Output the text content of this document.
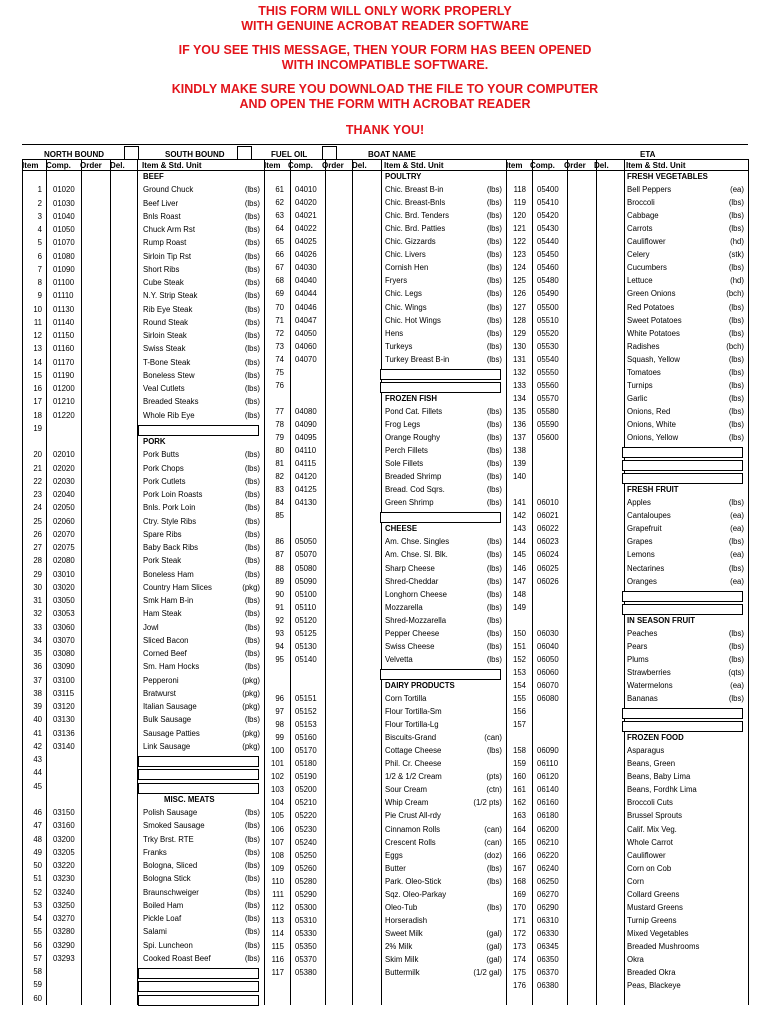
THIS FORM WILL ONLY WORK PROPERLY
WITH GENUINE ACROBAT READER SOFTWARE
IF YOU SEE THIS MESSAGE, THEN YOUR FORM HAS BEEN OPENED
WITH INCOMPATIBLE SOFTWARE.
KINDLY MAKE SURE YOU DOWNLOAD THE FILE TO YOUR COMPUTER
AND OPEN THE FORM WITH ACROBAT READER
THANK YOU!
NORTH BOUND	SOUTH BOUND	FUEL OIL	BOAT NAME	ETA
Item Comp. Order Del. Item & Std. Unit	Item Comp. Order Del. Item & Std. Unit	Item Comp. Order Del. Item & Std. Unit
BEEF
1 01020	Ground Chuck	(lbs)
2 01030	Beef Liver	(lbs)
3 01040	Bnls Roast	(lbs)
4 01050	Chuck Arm Rst	(lbs)
5 01070	Rump Roast	(lbs)
6 01080	Sirloin Tip Rst	(lbs)
7 01090	Short Ribs	(lbs)
8 01100	Cube Steak	(lbs)
9 01110	N.Y. Strip Steak	(lbs)
10 01130	Rib Eye Steak	(lbs)
11 01140	Round Steak	(lbs)
12 01150	Sirloin Steak	(lbs)
13 01160	Swiss Steak	(lbs)
14 01170	T-Bone Steak	(lbs)
15 01190	Boneless Stew	(lbs)
16 01200	Veal Cutlets	(lbs)
17 01210	Breaded Steaks	(lbs)
18 01220	Whole Rib Eye	(lbs)
19
PORK
20 02010	Pork Butts	(lbs)
21 02020	Pork Chops	(lbs)
22 02030	Pork Cutlets	(lbs)
23 02040	Pork Loin Roasts	(lbs)
24 02050	Bnls. Pork Loin	(lbs)
25 02060	Ctry. Style Ribs	(lbs)
26 02070	Spare Ribs	(lbs)
27 02075	Baby Back Ribs	(lbs)
28 02080	Pork Steak	(lbs)
29 03010	Boneless Ham	(lbs)
30 03020	Country Ham Slices	(pkg)
31 03050	Smk Ham B-in	(lbs)
32 03053	Ham Steak	(lbs)
33 03060	Jowl	(lbs)
34 03070	Sliced Bacon	(lbs)
35 03080	Corned Beef	(lbs)
36 03090	Sm. Ham Hocks	(lbs)
37 03100	Pepperoni	(pkg)
38 03115	Bratwurst	(pkg)
39 03120	Italian Sausage	(pkg)
40 03130	Bulk Sausage	(lbs)
41 03136	Sausage Patties	(pkg)
42 03140	Link Sausage	(pkg)
43
44
45
MISC. MEATS
46 03150	Polish Sausage	(lbs)
47 03160	Smoked Sausage	(lbs)
48 03200	Trky Brst. RTE	(lbs)
49 03205	Franks	(lbs)
50 03220	Bologna, Sliced	(lbs)
51 03230	Bologna Stick	(lbs)
52 03240	Braunschweiger	(lbs)
53 03250	Boiled Ham	(lbs)
54 03270	Pickle Loaf	(lbs)
55 03280	Salami	(lbs)
56 03290	Spi. Luncheon	(lbs)
57 03293	Cooked Roast Beef	(lbs)
58
59
60
POULTRY
61 04010	Chic. Breast B-in	(lbs)
62 04020	Chic. Breast-Bnls	(lbs)
63 04021	Chic. Brd. Tenders	(lbs)
64 04022	Chic. Brd. Patties	(lbs)
65 04025	Chic. Gizzards	(lbs)
66 04026	Chic. Livers	(lbs)
67 04030	Cornish Hen	(lbs)
68 04040	Fryers	(lbs)
69 04044	Chic. Legs	(lbs)
70 04046	Chic. Wings	(lbs)
71 04047	Chic. Hot Wings	(lbs)
72 04050	Hens	(lbs)
73 04060	Turkeys	(lbs)
74 04070	Turkey Breast B-in	(lbs)
75
76
FROZEN FISH
77 04080	Pond Cat. Fillets	(lbs)
78 04090	Frog Legs	(lbs)
79 04095	Orange Roughy	(lbs)
80 04110	Perch Fillets	(lbs)
81 04115	Sole Fillets	(lbs)
82 04120	Breaded Shrimp	(lbs)
83 04125	Bread. Cod Sqrs.	(lbs)
84 04130	Green Shrimp	(lbs)
85
CHEESE
86 05050	Am. Chse. Singles	(lbs)
87 05070	Am. Chse. Sl. Blk.	(lbs)
88 05080	Sharp Cheese	(lbs)
89 05090	Shred-Cheddar	(lbs)
90 05100	Longhorn Cheese	(lbs)
91 05110	Mozzarella	(lbs)
92 05120	Shred-Mozzarella	(lbs)
93 05125	Pepper Cheese	(lbs)
94 05130	Swiss Cheese	(lbs)
95 05140	Velvetta	(lbs)
DAIRY PRODUCTS
96 05151	Corn Tortilla
97 05152	Flour Tortilla-Sm
98 05153	Flour Tortilla-Lg
99 05160	Biscuits-Grand	(can)
100 05170	Cottage Cheese	(lbs)
101 05180	Phil. Cr. Cheese
102 05190	1/2 & 1/2 Cream	(pts)
103 05200	Sour Cream	(ctn)
104 05210	Whip Cream	(1/2 pts)
105 05220	Pie Crust All-rdy
106 05230	Cinnamon Rolls	(can)
107 05240	Crescent Rolls	(can)
108 05250	Eggs	(doz)
109 05260	Butter	(lbs)
110 05280	Park. Oleo-Stick	(lbs)
111 05290	Sqz. Oleo-Parkay
112 05300	Oleo-Tub	(lbs)
113 05310	Horseradish
114 05330	Sweet Milk	(gal)
115 05350	2% Milk	(gal)
116 05370	Skim Milk	(gal)
117 05380	Buttermilk	(1/2 gal)
FRESH VEGETABLES
118 05400	Bell Peppers	(ea)
119 05410	Broccoli	(lbs)
120 05420	Cabbage	(lbs)
121 05430	Carrots	(lbs)
122 05440	Cauliflower	(hd)
123 05450	Celery	(stk)
124 05460	Cucumbers	(lbs)
125 05480	Lettuce	(hd)
126 05490	Green Onions	(bch)
127 05500	Red Potatoes	(lbs)
128 05510	Sweet Potatoes	(lbs)
129 05520	White Potatoes	(lbs)
130 05530	Radishes	(bch)
131 05540	Squash, Yellow	(lbs)
132 05550	Tomatoes	(lbs)
133 05560	Turnips	(lbs)
134 05570	Garlic	(lbs)
135 05580	Onions, Red	(lbs)
136 05590	Onions, White	(lbs)
137 05600	Onions, Yellow	(lbs)
138
139
140
FRESH FRUIT
141 06010	Apples	(lbs)
142 06021	Cantaloupes	(ea)
143 06022	Grapefruit	(ea)
144 06023	Grapes	(lbs)
145 06024	Lemons	(ea)
146 06025	Nectarines	(lbs)
147 06026	Oranges	(ea)
148
149
IN SEASON FRUIT
150 06030	Peaches	(lbs)
151 06040	Pears	(lbs)
152 06050	Plums	(lbs)
153 06060	Strawberries	(qts)
154 06070	Watermelons	(ea)
155 06080	Bananas	(lbs)
156
157
FROZEN FOOD
158 06090	Asparagus
159 06110	Beans, Green
160 06120	Beans, Baby Lima
161 06140	Beans, Fordhk Lima
162 06160	Broccoli Cuts
163 06180	Brussel Sprouts
164 06200	Calif. Mix Veg.
165 06210	Whole Carrot
166 06220	Cauliflower
167 06240	Corn on Cob
168 06250	Corn
169 06270	Collard Greens
170 06290	Mustard Greens
171 06310	Turnip Greens
172 06330	Mixed Vegetables
173 06345	Breaded Mushrooms
174 06350	Okra
175 06370	Breaded Okra
176 06380	Peas, Blackeye
